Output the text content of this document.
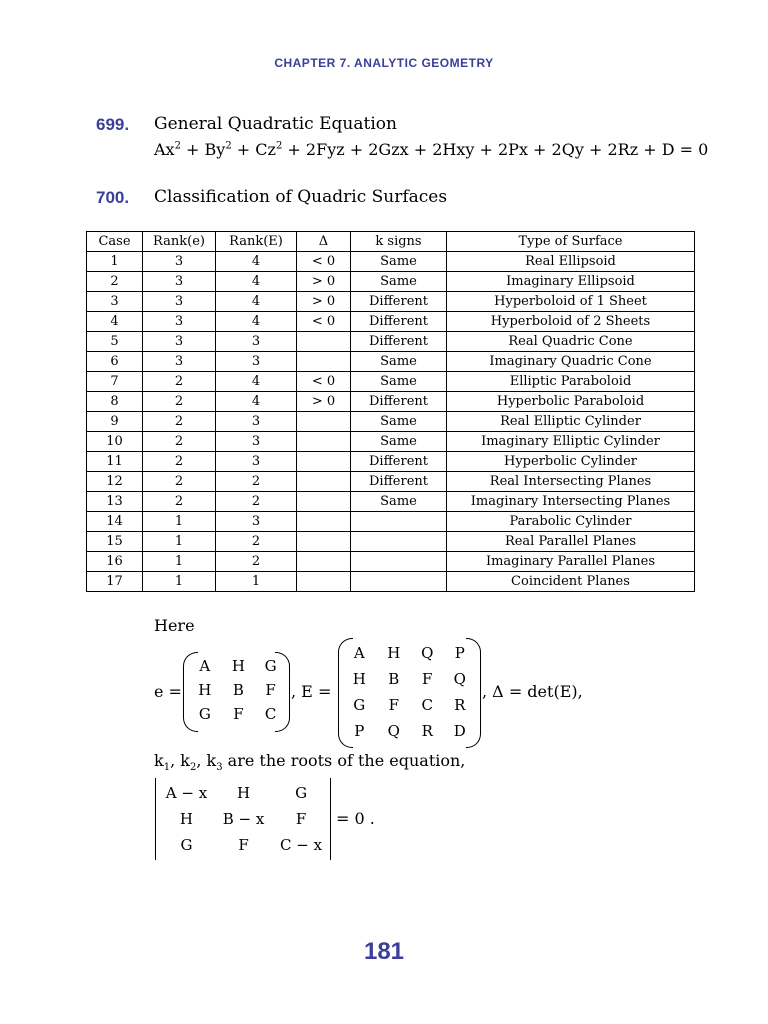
CHAPTER 7. ANALYTIC GEOMETRY
699. General Quadratic Equation
$Ax^2 + By^2 + Cz^2 + 2Fyz + 2Gzx + 2Hxy + 2Px + 2Qy + 2Rz + D = 0$
700. Classification of Quadric Surfaces
Case	Rank(e)	Rank(E)	Δ	k signs	Type of Surface
1	3	4	< 0	Same	Real Ellipsoid
2	3	4	> 0	Same	Imaginary Ellipsoid
3	3	4	> 0	Different	Hyperboloid of 1 Sheet
4	3	4	< 0	Different	Hyperboloid of 2 Sheets
5	3	3		Different	Real Quadric Cone
6	3	3		Same	Imaginary Quadric Cone
7	2	4	< 0	Same	Elliptic Paraboloid
8	2	4	> 0	Different	Hyperbolic Paraboloid
9	2	3		Same	Real Elliptic Cylinder
10	2	3		Same	Imaginary Elliptic Cylinder
11	2	3		Different	Hyperbolic Cylinder
12	2	2		Different	Real Intersecting Planes
13	2	2		Same	Imaginary Intersecting Planes
14	1	3			Parabolic Cylinder
15	1	2			Real Parallel Planes
16	1	2			Imaginary Parallel Planes
17	1	1			Coincident Planes
Here
e =
A	H	G
H	B	F
G	F	C
, E =
A	H	Q	P
H	B	F	Q
G	F	C	R
P	Q	R	D
, Δ = det(E),
$k_1$, $k_2$, $k_3$ are the roots of the equation,
A − x	H	G
H	B − x	F
G	F	C − x
= 0 .
181
